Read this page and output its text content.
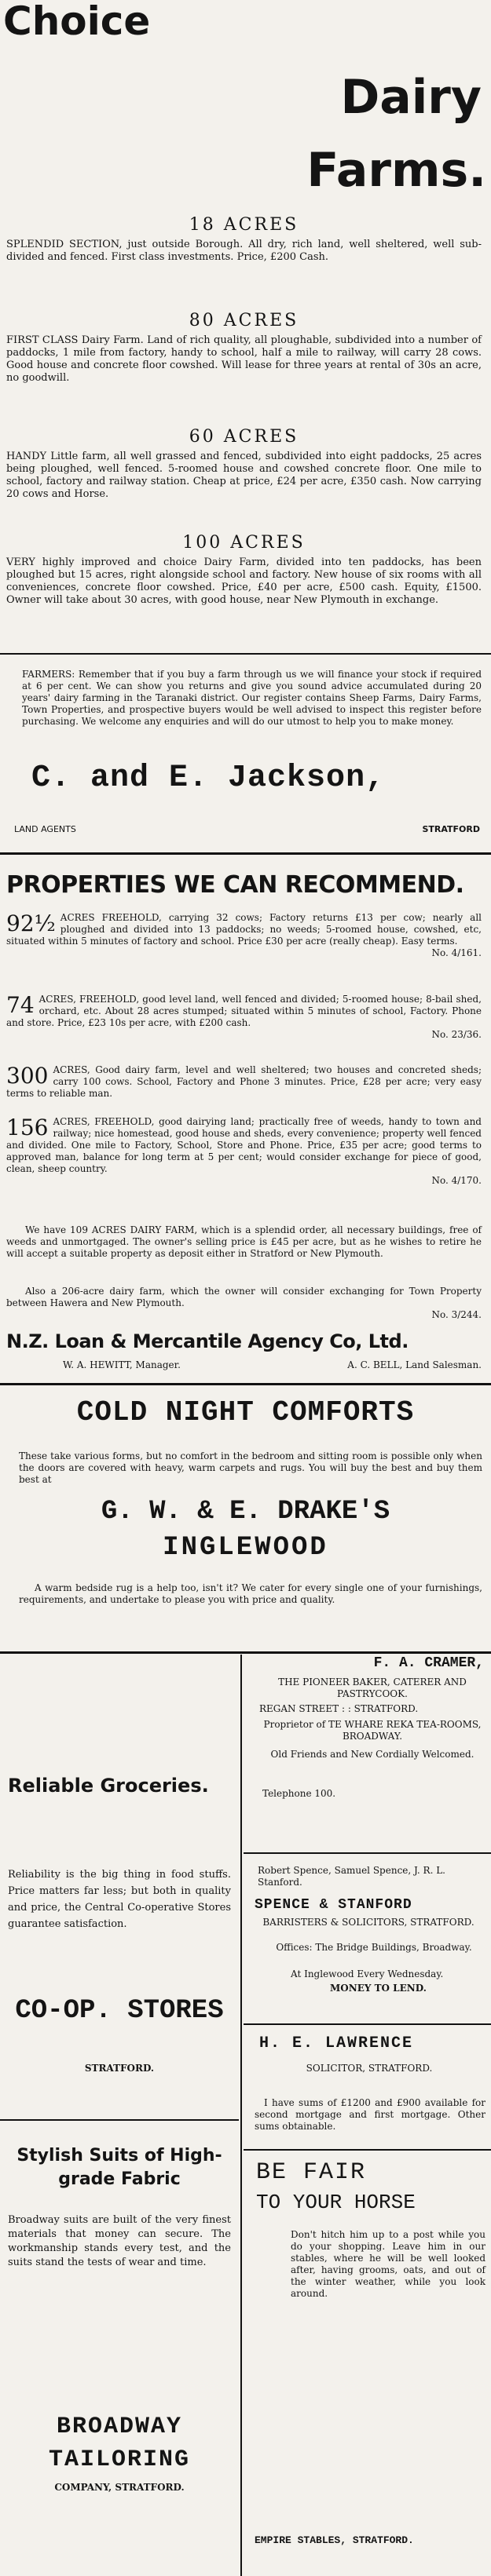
Choice
Dairy
Farms.
18 ACRES

SPLENDID SECTION, just outside Borough. All dry, rich land, well sheltered, well sub-divided and fenced. First class investments. Price, £200 Cash.

80 ACRES

FIRST CLASS Dairy Farm. Land of rich quality, all ploughable, subdivided into a number of paddocks, 1 mile from factory, handy to school, half a mile to railway, will carry 28 cows. Good house and concrete floor cowshed. Will lease for three years at rental of 30s an acre, no goodwill.

60 ACRES

HANDY Little farm, all well grassed and fenced, subdivided into eight paddocks, 25 acres being ploughed, well fenced. 5-roomed house and cowshed concrete floor. One mile to school, factory and railway station. Cheap at price, £24 per acre, £350 cash. Now carrying 20 cows and Horse.

100 ACRES

VERY highly improved and choice Dairy Farm, divided into ten paddocks, has been ploughed but 15 acres, right alongside school and factory. New house of six rooms with all conveniences, concrete floor cowshed. Price, £40 per acre, £500 cash. Equity, £1500. Owner will take about 30 acres, with good house, near New Plymouth in exchange.

FARMERS: Remember that if you buy a farm through us we will finance your stock if required at 6 per cent. We can show you returns and give you sound advice accumulated during 20 years' dairy farming in the Taranaki district. Our register contains Sheep Farms, Dairy Farms, Town Properties, and prospective buyers would be well advised to inspect this register before purchasing. We welcome any enquiries and will do our utmost to help you to make money.

C. and E. Jackson,
LAND AGENTS	STRATFORD
PROPERTIES WE CAN RECOMMEND.
92½ ACRES FREEHOLD, carrying 32 cows; Factory returns £13 per cow; nearly all ploughed and divided into 13 paddocks; no weeds; 5-roomed house, cowshed, etc, situated within 5 minutes of factory and school. Price £30 per acre (really cheap). Easy terms.

No. 4/161.
74 ACRES, FREEHOLD, good level land, well fenced and divided; 5-roomed house; 8-bail shed, orchard, etc. About 28 acres stumped; situated within 5 minutes of school, Factory. Phone and store. Price, £23 10s per acre, with £200 cash.

No. 23/36.
300 ACRES, Good dairy farm, level and well sheltered; two houses and concreted sheds; carry 100 cows. School, Factory and Phone 3 minutes. Price, £28 per acre; very easy terms to reliable man.

156 ACRES, FREEHOLD, good dairying land; practically free of weeds, handy to town and railway; nice homestead, good house and sheds, every convenience; property well fenced and divided. One mile to Factory, School, Store and Phone. Price, £35 per acre; good terms to approved man, balance for long term at 5 per cent; would consider exchange for piece of good, clean, sheep country.

No. 4/170.

We have 109 ACRES DAIRY FARM, which is a splendid order, all necessary buildings, free of weeds and unmortgaged. The owner's selling price is £45 per acre, but as he wishes to retire he will accept a suitable property as deposit either in Stratford or New Plymouth.

Also a 206-acre dairy farm, which the owner will consider exchanging for Town Property between Hawera and New Plymouth.

No. 3/244.
N.Z. Loan & Mercantile Agency Co, Ltd.
W. A. HEWITT, Manager.	A. C. BELL, Land Salesman.
COLD NIGHT COMFORTS

These take various forms, but no comfort in the bedroom and sitting room is possible only when the doors are covered with heavy, warm carpets and rugs. You will buy the best and buy them best at

G. W. & E. DRAKE'S
INGLEWOOD

A warm bedside rug is a help too, isn't it? We cater for every single one of your furnishings, requirements, and undertake to please you with price and quality.

Reliable Groceries.

Reliability is the big thing in food stuffs. Price matters far less; but both in quality and price, the Central Co-operative Stores guarantee satisfaction.

CO-OP. STORES
STRATFORD.
Stylish Suits of High-grade Fabric

Broadway suits are built of the very finest materials that money can secure. The workmanship stands every test, and the suits stand the tests of wear and time.

BROADWAY
TAILORING
COMPANY, STRATFORD.
F. A. CRAMER,

THE PIONEER BAKER, CATERER AND PASTRYCOOK.

REGAN STREET : : STRATFORD.

Proprietor of TE WHARE REKA TEA-ROOMS, BROADWAY.

Old Friends and New Cordially Welcomed.

Telephone 100.

Robert Spence, Samuel Spence, J. R. L. Stanford.

SPENCE & STANFORD

BARRISTERS & SOLICITORS, STRATFORD.

Offices: The Bridge Buildings, Broadway.

At Inglewood Every Wednesday.

MONEY TO LEND.

H. E. LAWRENCE

SOLICITOR, STRATFORD.

I have sums of £1200 and £900 available for second mortgage and first mortgage. Other sums obtainable.

BE FAIR
TO YOUR HORSE

Don't hitch him up to a post while you do your shopping. Leave him in our stables, where he will be well looked after, having grooms, oats, and out of the winter weather, while you look around.

EMPIRE STABLES, STRATFORD.
